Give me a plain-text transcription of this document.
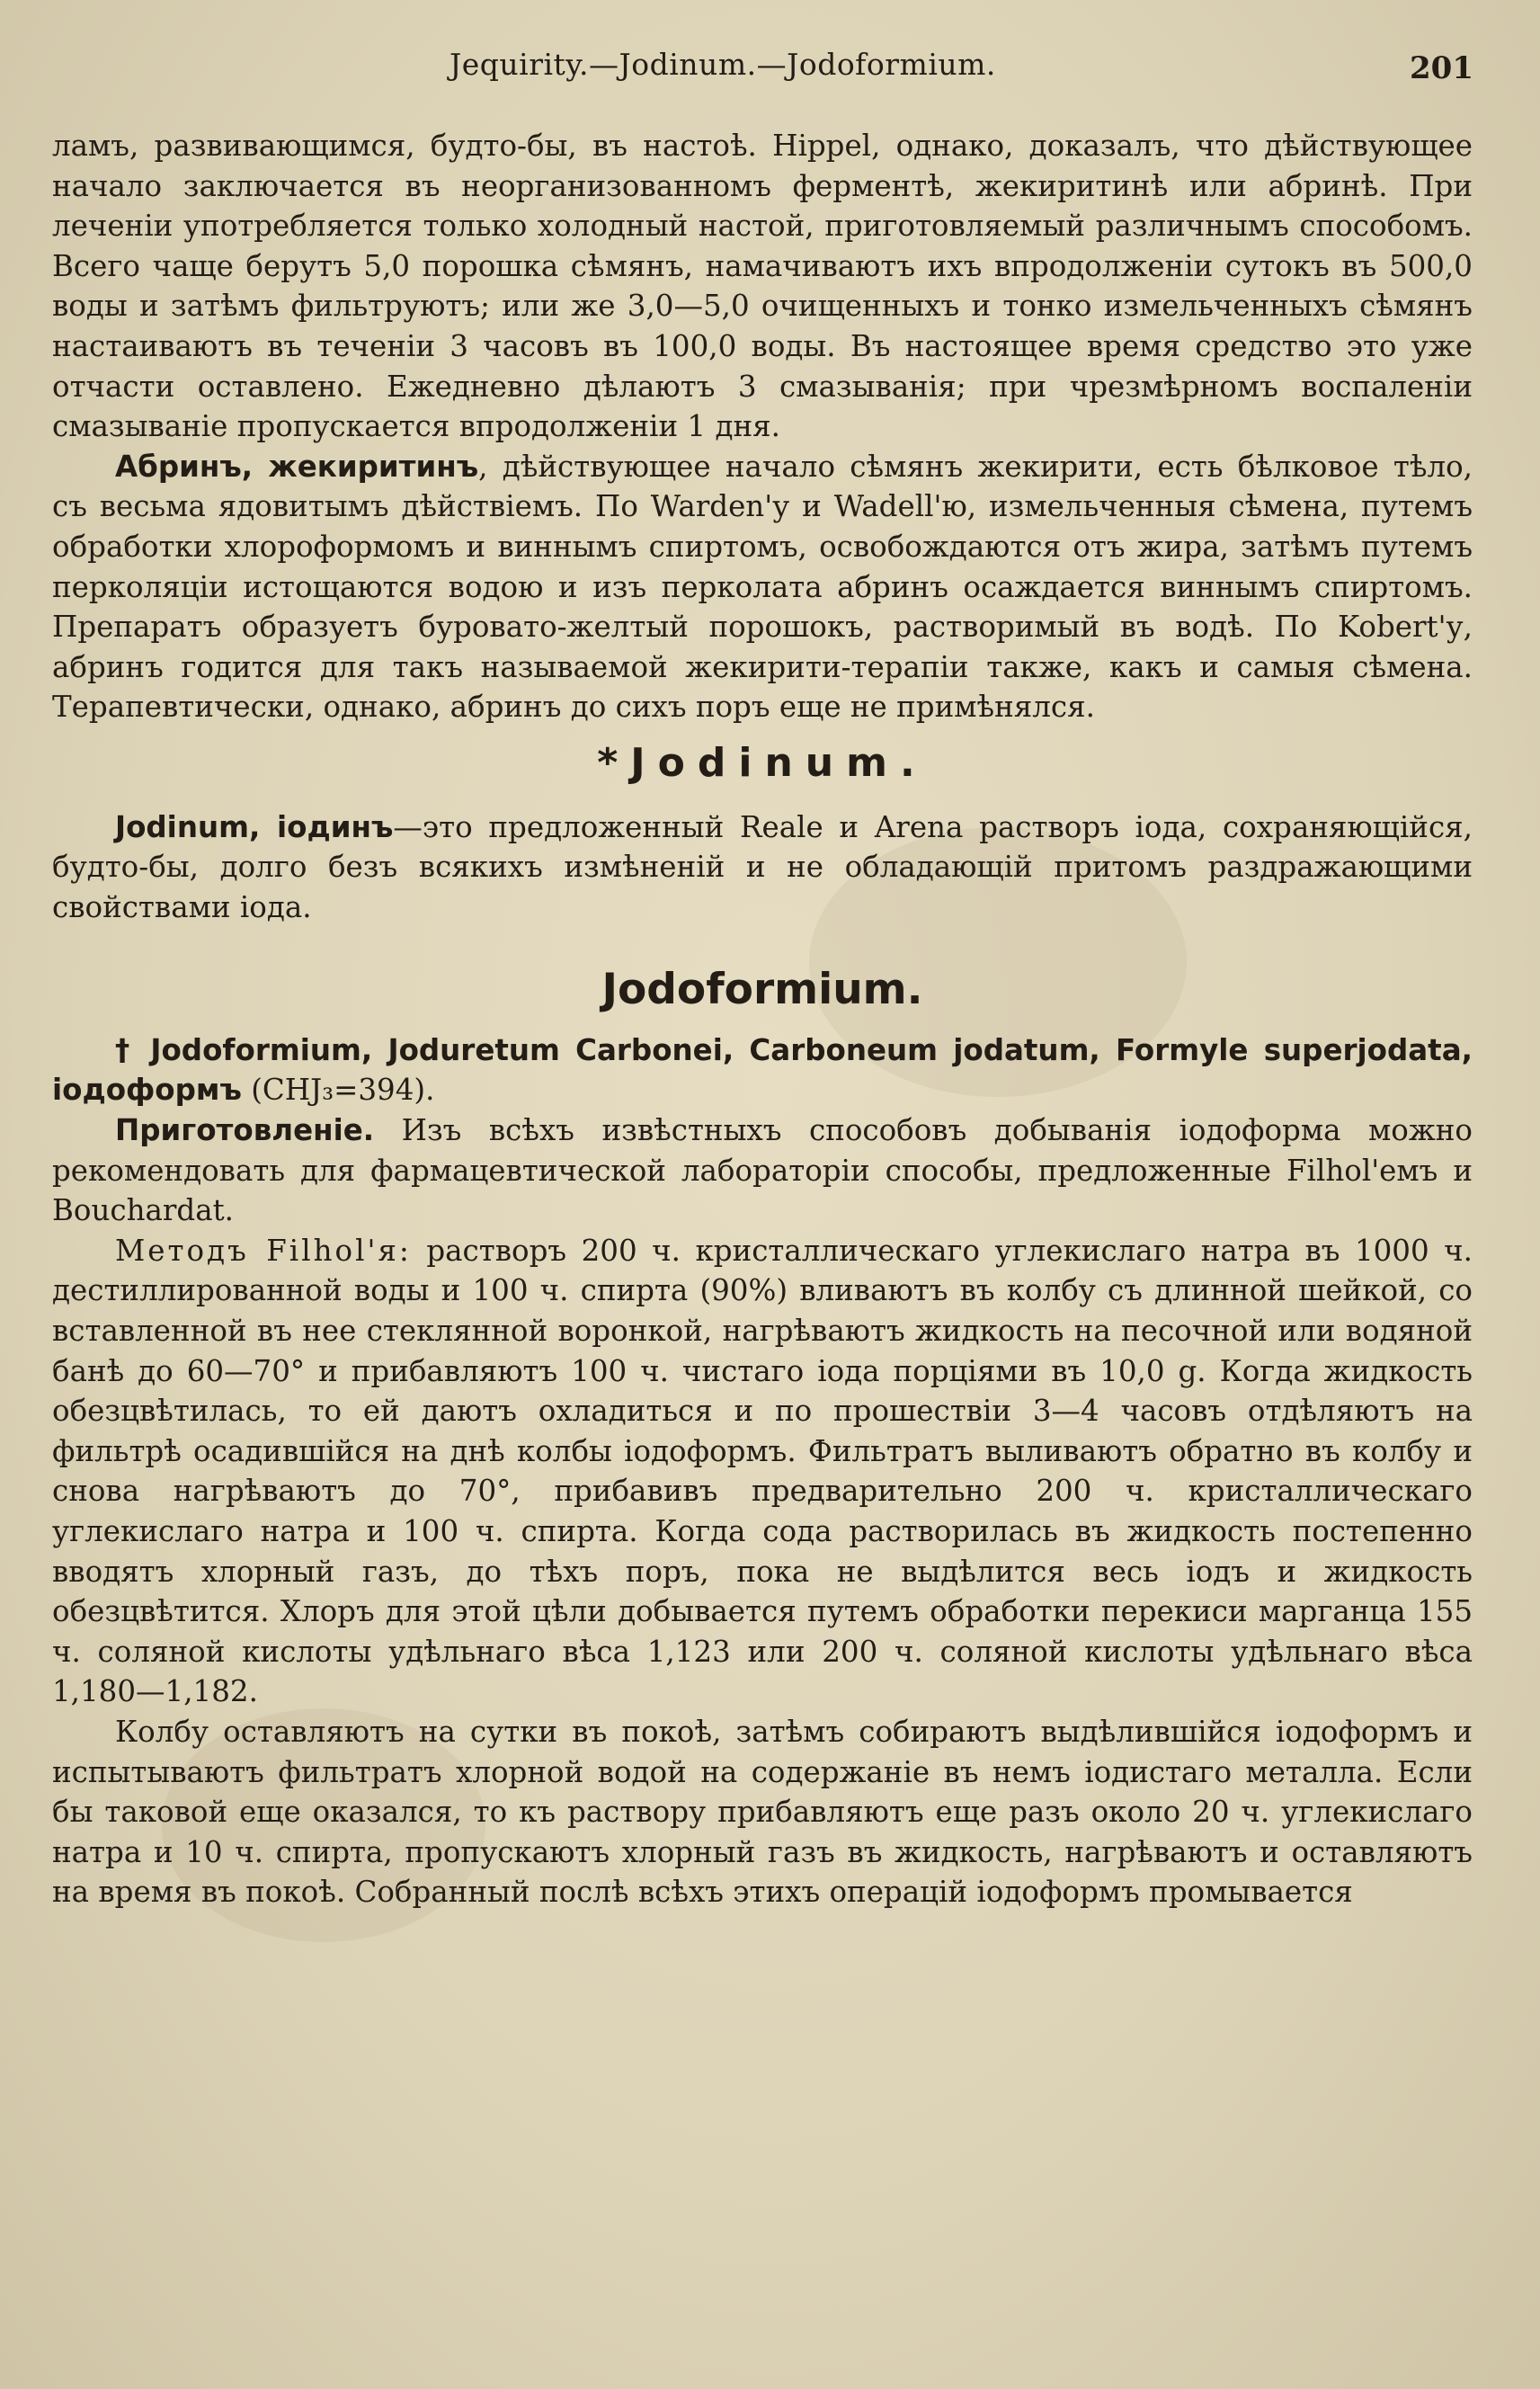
Jequirity.—Jodinum.—Jodoformium.	201

ламъ, развивающимся, будто-бы, въ настоѣ. Hippel, однако, доказалъ, что дѣйствующее начало заключается въ неорганизованномъ ферментѣ, жекиритинѣ или абринѣ. При леченіи употребляется только холодный настой, приготовляемый различнымъ способомъ. Всего чаще берутъ 5,0 порошка сѣмянъ, намачиваютъ ихъ впродолженіи сутокъ въ 500,0 воды и затѣмъ фильтруютъ; или же 3,0—5,0 очищенныхъ и тонко измельченныхъ сѣмянъ настаиваютъ въ теченіи 3 часовъ въ 100,0 воды. Въ настоящее время средство это уже отчасти оставлено. Ежедневно дѣлаютъ 3 смазыванія; при чрезмѣрномъ воспаленіи смазываніе пропускается впродолженіи 1 дня.

Абринъ, жекиритинъ, дѣйствующее начало сѣмянъ жекирити, есть бѣлковое тѣло, съ весьма ядовитымъ дѣйствіемъ. По Warden'у и Wadell'ю, измельченныя сѣмена, путемъ обработки хлороформомъ и виннымъ спиртомъ, освобождаются отъ жира, затѣмъ путемъ перколяціи истощаются водою и изъ перколата абринъ осаждается виннымъ спиртомъ. Препаратъ образуетъ буровато-желтый порошокъ, растворимый въ водѣ. По Kobert'у, абринъ годится для такъ называемой жекирити-терапіи также, какъ и самыя сѣмена. Терапевтически, однако, абринъ до сихъ поръ еще не примѣнялся.

*Jodinum.

Jodinum, іодинъ—это предложенный Reale и Arena растворъ іода, сохраняющійся, будто-бы, долго безъ всякихъ измѣненій и не обладающій притомъ раздражающими свойствами іода.

Jodoformium.

† Jodoformium, Joduretum Carbonei, Carboneum jodatum, Formyle superjodata, іодоформъ (CHJ₃=394).

Приготовленіе. Изъ всѣхъ извѣстныхъ способовъ добыванія іодоформа можно рекомендовать для фармацевтической лабораторіи способы, предложенные Filhol'емъ и Bouchardat.

Методъ Filhol'я: растворъ 200 ч. кристаллическаго углекислаго натра въ 1000 ч. дестиллированной воды и 100 ч. спирта (90%) вливаютъ въ колбу съ длинной шейкой, со вставленной въ нее стеклянной воронкой, нагрѣваютъ жидкость на песочной или водяной банѣ до 60—70° и прибавляютъ 100 ч. чистаго іода порціями въ 10,0 g. Когда жидкость обезцвѣтилась, то ей даютъ охладиться и по прошествіи 3—4 часовъ отдѣляютъ на фильтрѣ осадившійся на днѣ колбы іодоформъ. Фильтратъ выливаютъ обратно въ колбу и снова нагрѣваютъ до 70°, прибавивъ предварительно 200 ч. кристаллическаго углекислаго натра и 100 ч. спирта. Когда сода растворилась въ жидкость постепенно вводятъ хлорный газъ, до тѣхъ поръ, пока не выдѣлится весь іодъ и жидкость обезцвѣтится. Хлоръ для этой цѣли добывается путемъ обработки перекиси марганца 155 ч. соляной кислоты удѣльнаго вѣса 1,123 или 200 ч. соляной кислоты удѣльнаго вѣса 1,180—1,182.

Колбу оставляютъ на сутки въ покоѣ, затѣмъ собираютъ выдѣлившійся іодоформъ и испытываютъ фильтратъ хлорной водой на содержаніе въ немъ іодистаго металла. Если бы таковой еще оказался, то къ раствору прибавляютъ еще разъ около 20 ч. углекислаго натра и 10 ч. спирта, пропускаютъ хлорный газъ въ жидкость, нагрѣваютъ и оставляютъ на время въ покоѣ. Собранный послѣ всѣхъ этихъ операцій іодоформъ промывается
